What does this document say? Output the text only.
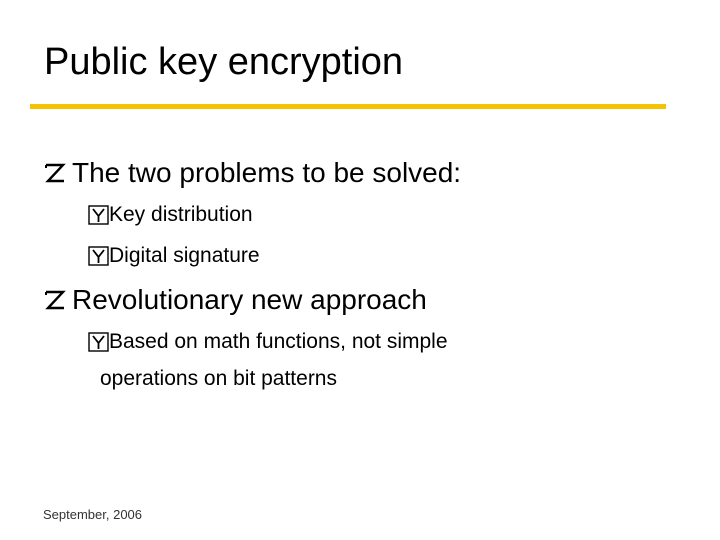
Public key encryption
The two problems to be solved:
Key distribution
Digital signature
Revolutionary new approach
Based on math functions, not simple
operations on bit patterns
September, 2006
